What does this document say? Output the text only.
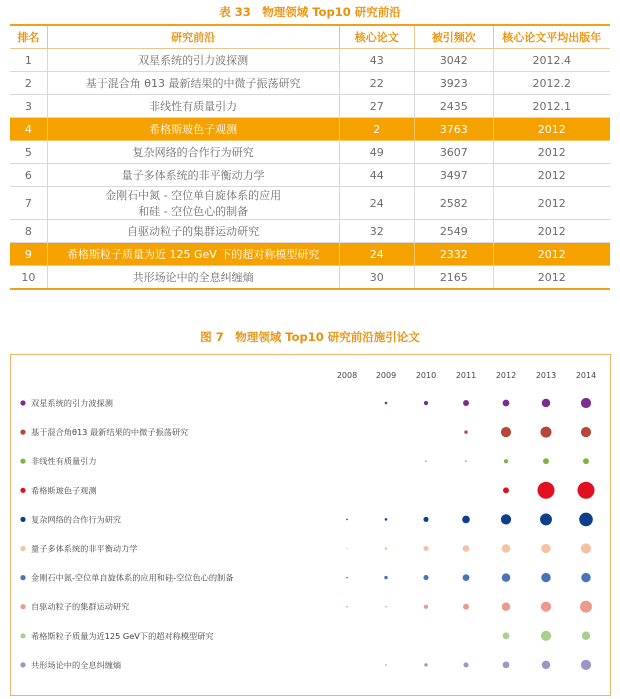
表 33　物理领域 Top10 研究前沿
排名	研究前沿	核心论文	被引频次	核心论文平均出版年
1	双星系统的引力波探测	43	3042	2012.4
2	基于混合角 θ13 最新结果的中微子振荡研究	22	3923	2012.2
3	非线性有质量引力	27	2435	2012.1
4	希格斯玻色子观测	2	3763	2012
5	复杂网络的合作行为研究	49	3607	2012
6	量子多体系统的非平衡动力学	44	3497	2012
7	金刚石中氮 - 空位单自旋体系的应用
和硅 - 空位色心的制备	24	2582	2012
8	自驱动粒子的集群运动研究	32	2549	2012
9	希格斯粒子质量为近 125 GeV 下的超对称模型研究	24	2332	2012
10	共形场论中的全息纠缠熵	30	2165	2012
图 7　物理领域 Top10 研究前沿施引论文
2008 2009 2010 2011 2012 2013 2014
双星系统的引力波探测
基于混合角θ13 最新结果的中微子振荡研究
非线性有质量引力
希格斯玻色子观测
复杂网络的合作行为研究
量子多体系统的非平衡动力学
金刚石中氮-空位单自旋体系的应用和硅-空位色心的制备
自驱动粒子的集群运动研究
希格斯粒子质量为近125 GeV下的超对称模型研究
共形场论中的全息纠缠熵
